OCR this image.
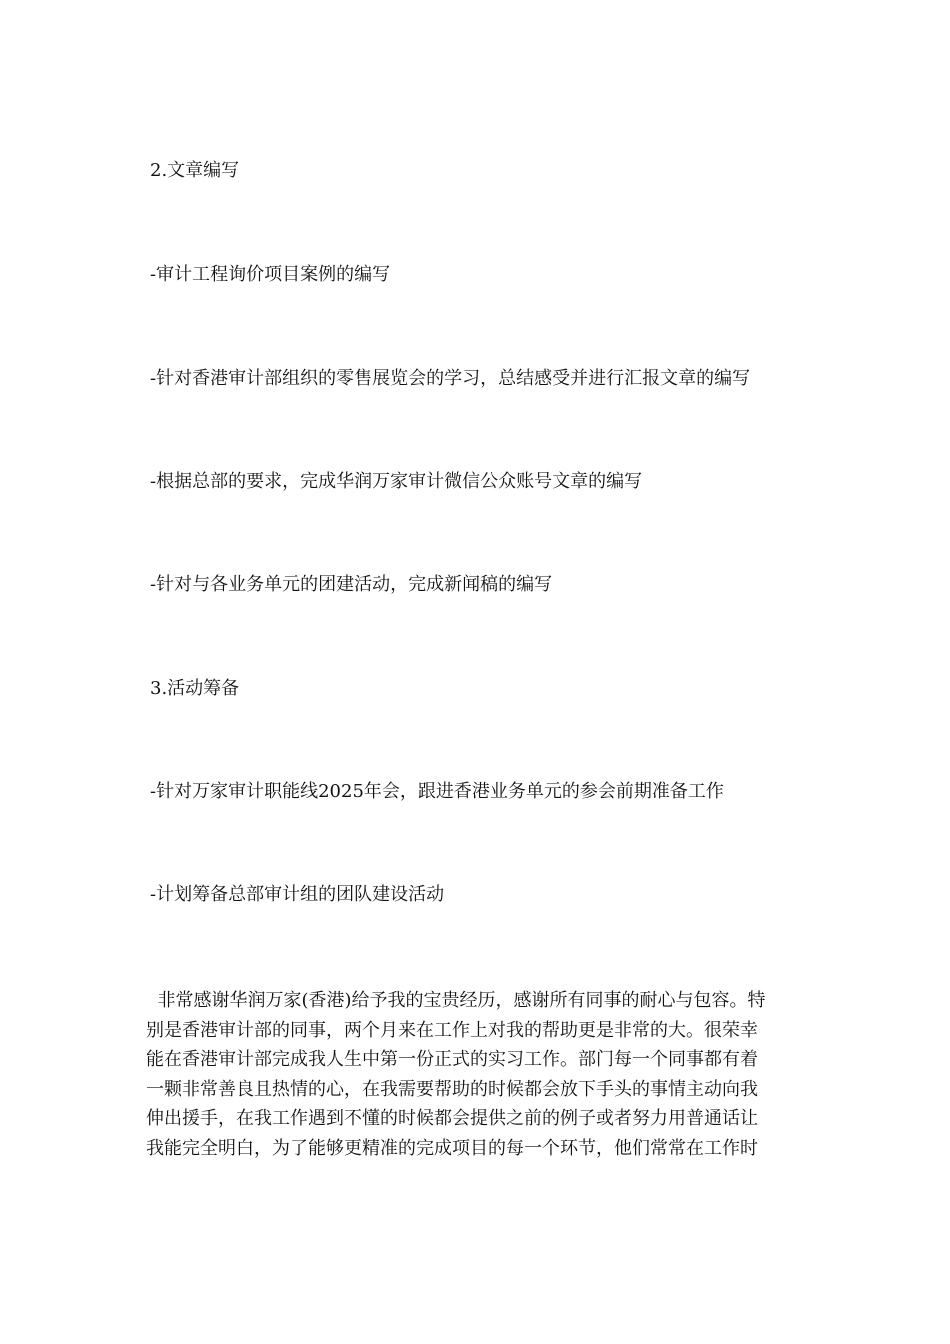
2.文章编写
-审计工程询价项目案例的编写
-针对香港审计部组织的零售展览会的学习，总结感受并进行汇报文章的编写
-根据总部的要求，完成华润万家审计微信公众账号文章的编写
-针对与各业务单元的团建活动，完成新闻稿的编写
3.活动筹备
-针对万家审计职能线2025年会，跟进香港业务单元的参会前期准备工作
-计划筹备总部审计组的团队建设活动
非常感谢华润万家(香港)给予我的宝贵经历，感谢所有同事的耐心与包容。特
别是香港审计部的同事，两个月来在工作上对我的帮助更是非常的大。很荣幸
能在香港审计部完成我人生中第一份正式的实习工作。部门每一个同事都有着
一颗非常善良且热情的心，在我需要帮助的时候都会放下手头的事情主动向我
伸出援手，在我工作遇到不懂的时候都会提供之前的例子或者努力用普通话让
我能完全明白，为了能够更精准的完成项目的每一个环节，他们常常在工作时
